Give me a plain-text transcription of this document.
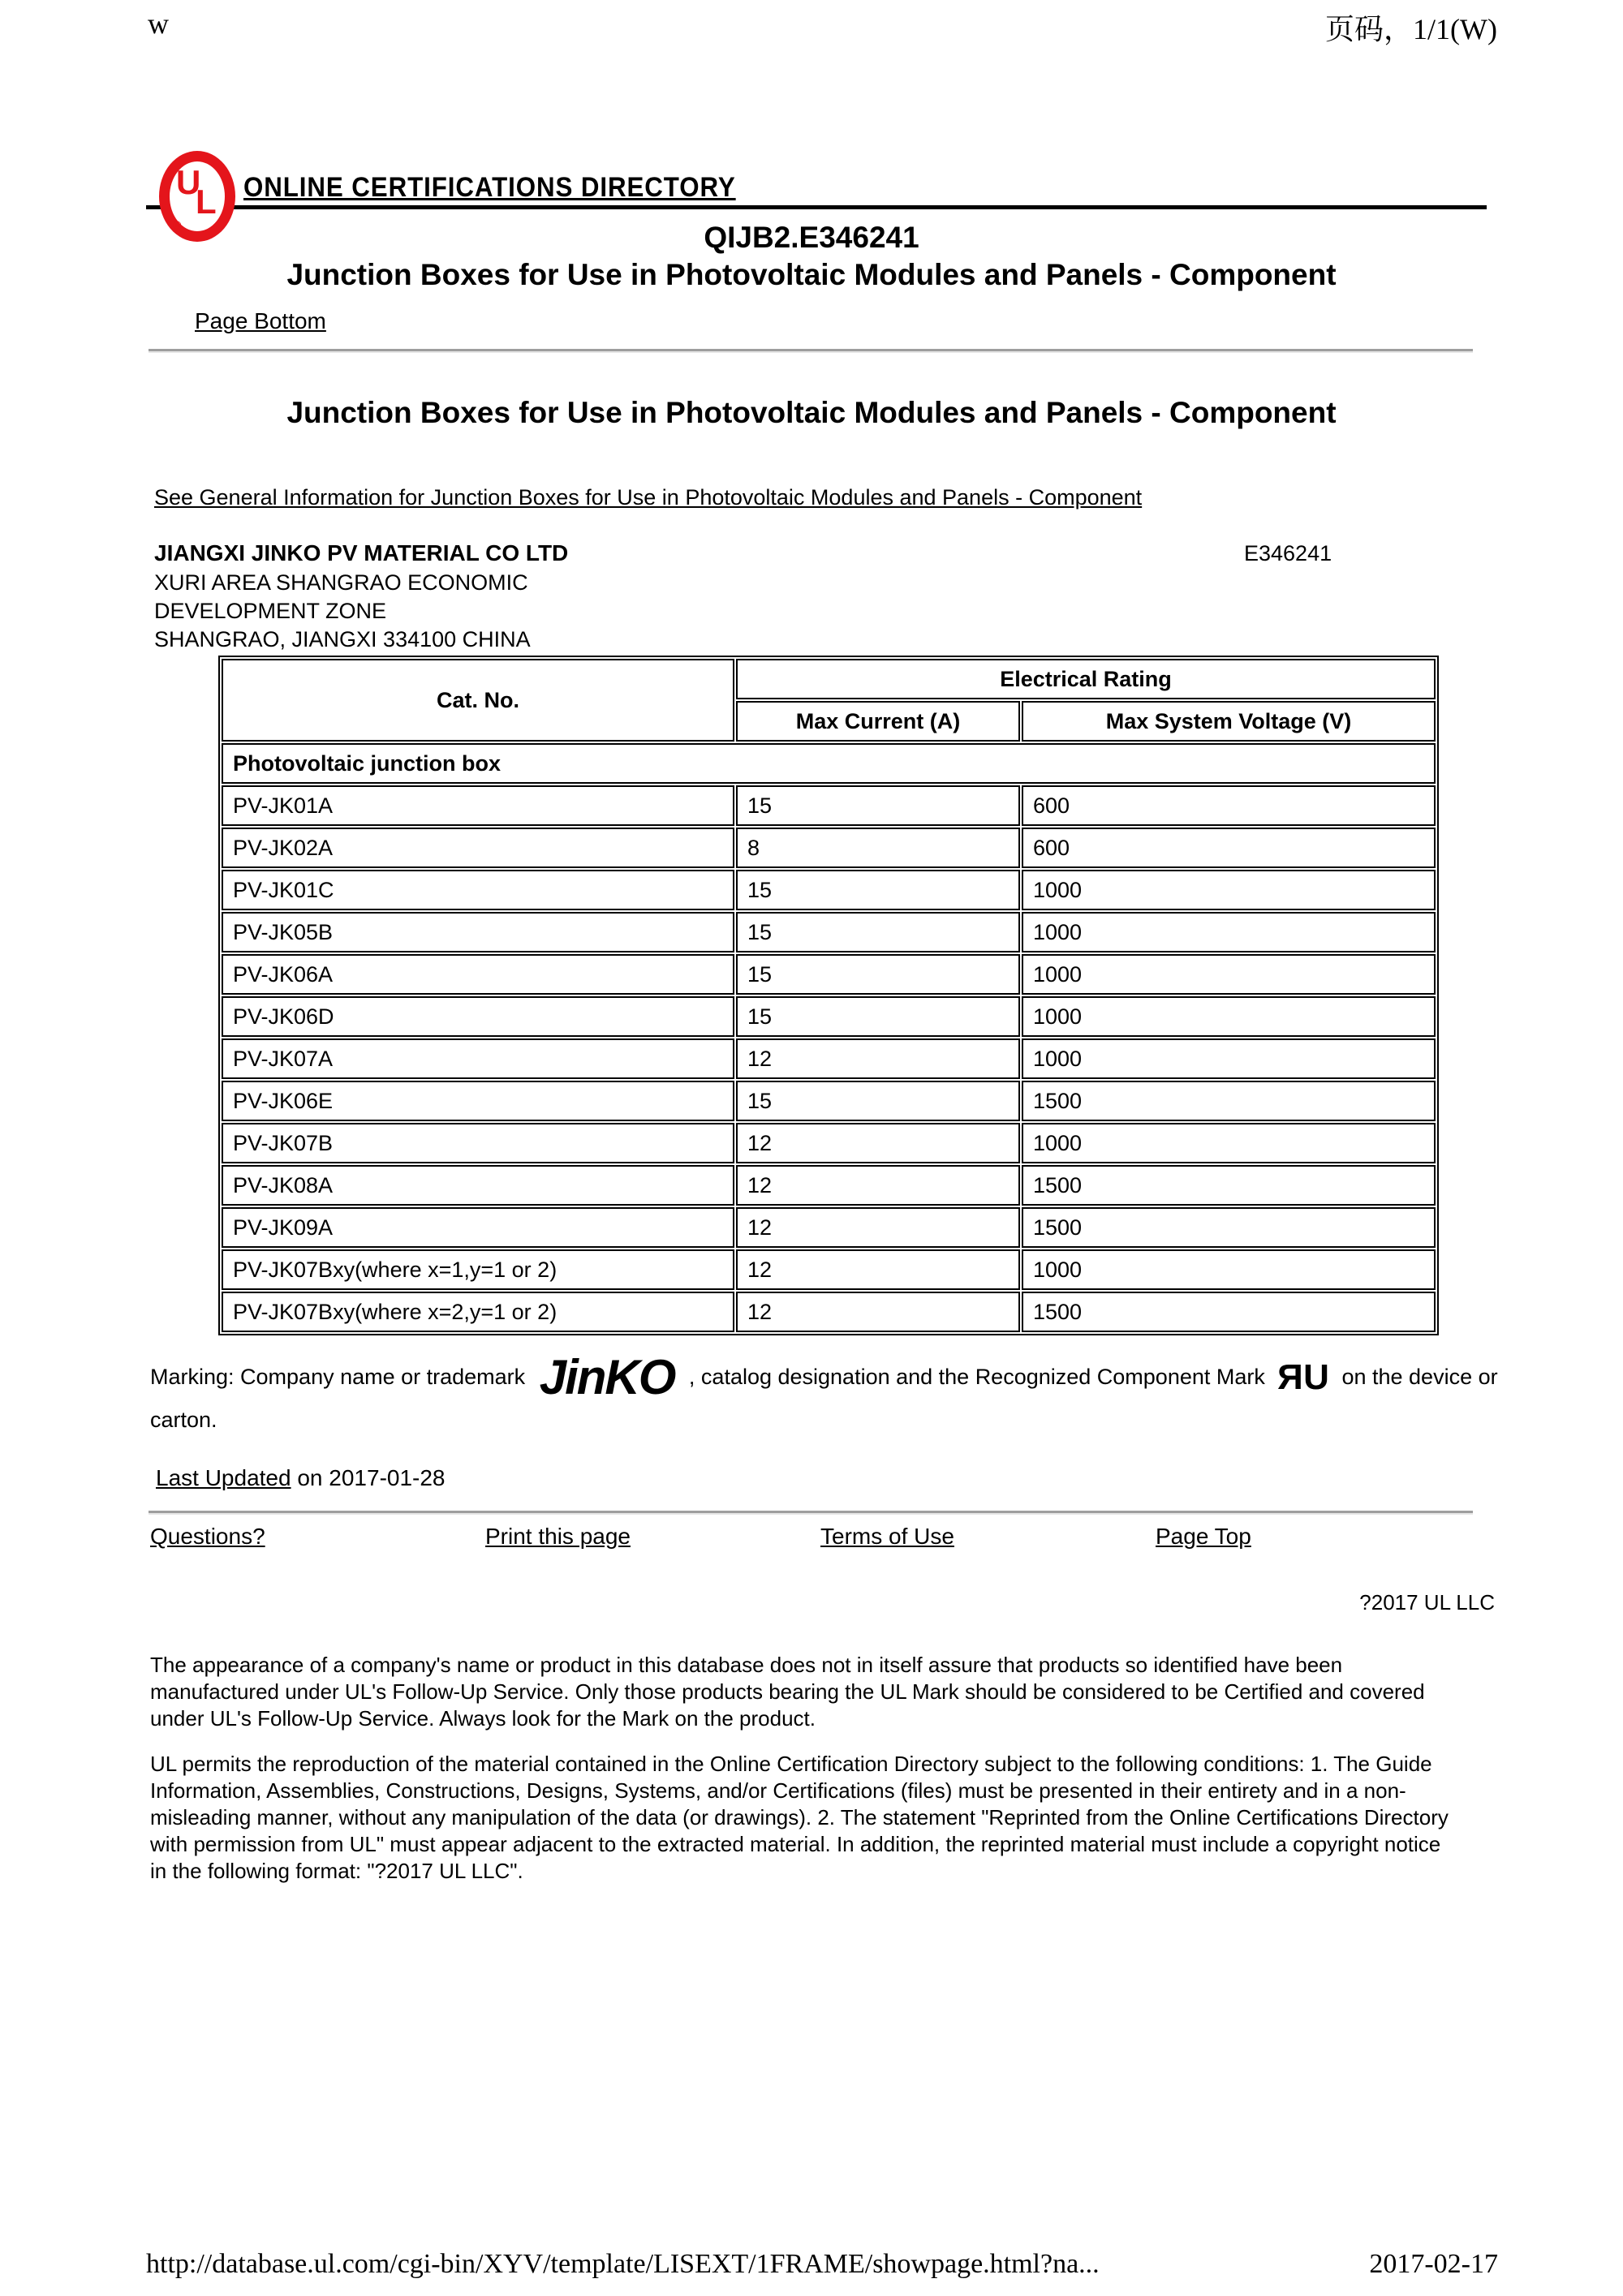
w	页码，1/1(W)
U
L
®
ONLINE CERTIFICATIONS DIRECTORY
QIJB2.E346241
Junction Boxes for Use in Photovoltaic Modules and Panels - Component
Page Bottom
Junction Boxes for Use in Photovoltaic Modules and Panels - Component
See General Information for Junction Boxes for Use in Photovoltaic Modules and Panels - Component
JIANGXI JINKO PV MATERIAL CO LTD	E346241
XURI AREA SHANGRAO ECONOMIC
DEVELOPMENT ZONE
SHANGRAO, JIANGXI 334100 CHINA
Cat. No.	Electrical Rating	
	Max Current (A)	Max System Voltage (V)
Photovoltaic junction box		
PV-JK01A	15	600
PV-JK02A	8	600
PV-JK01C	15	1000
PV-JK05B	15	1000
PV-JK06A	15	1000
PV-JK06D	15	1000
PV-JK07A	12	1000
PV-JK06E	15	1500
PV-JK07B	12	1000
PV-JK08A	12	1500
PV-JK09A	12	1500
PV-JK07Bxy(where x=1,y=1 or 2)	12	1000
PV-JK07Bxy(where x=2,y=1 or 2)	12	1500
Marking: Company name or trademark JinKO , catalog designation and the Recognized Component Mark RU on the device or carton.
Last Updated on 2017-01-28
Questions?	Print this page	Terms of Use	Page Top
?2017 UL LLC
The appearance of a company's name or product in this database does not in itself assure that products so identified have been manufactured under UL's Follow-Up Service. Only those products bearing the UL Mark should be considered to be Certified and covered under UL's Follow-Up Service. Always look for the Mark on the product.
UL permits the reproduction of the material contained in the Online Certification Directory subject to the following conditions: 1. The Guide Information, Assemblies, Constructions, Designs, Systems, and/or Certifications (files) must be presented in their entirety and in a non-misleading manner, without any manipulation of the data (or drawings). 2. The statement "Reprinted from the Online Certifications Directory with permission from UL" must appear adjacent to the extracted material. In addition, the reprinted material must include a copyright notice in the following format: "?2017 UL LLC".
http://database.ul.com/cgi-bin/XYV/template/LISEXT/1FRAME/showpage.html?na...	2017-02-17
